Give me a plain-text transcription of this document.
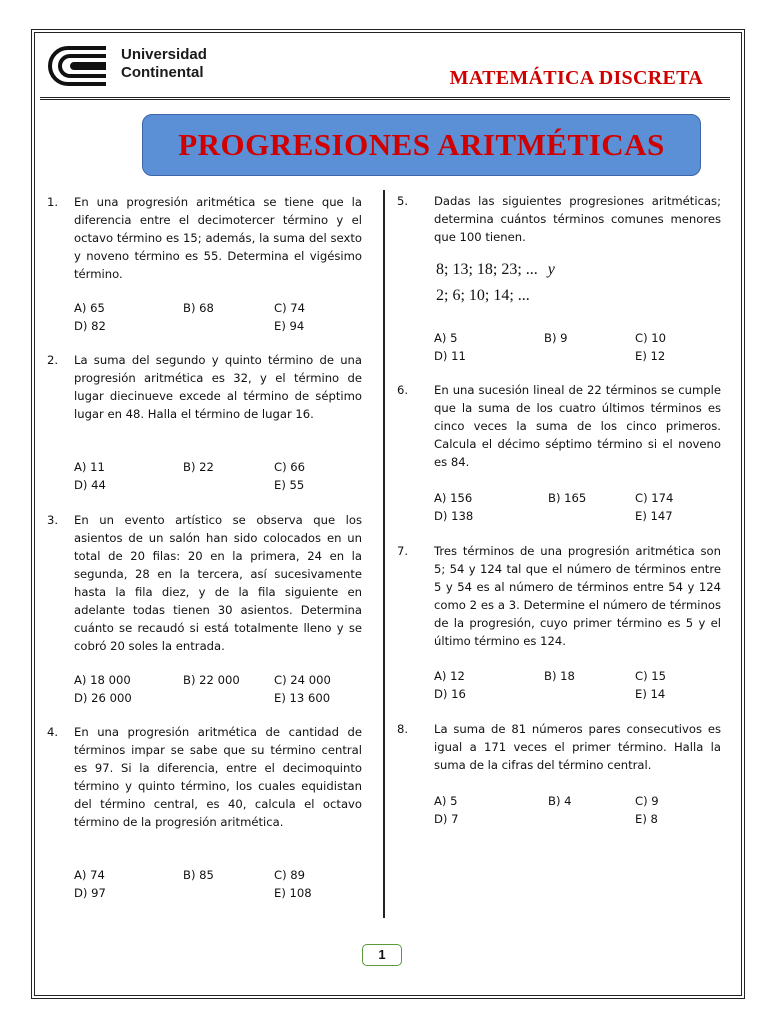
Universidad
Continental	MATEMÁTICA DISCRETA
PROGRESIONES ARITMÉTICAS
1. En una progresión aritmética se tiene que la diferencia entre el decimotercer término y el octavo término es 15; además, la suma del sexto y noveno término es 55. Determina el vigésimo término.
A) 65	B) 68	C) 74
D) 82	E) 94
2. La suma del segundo y quinto término de una progresión aritmética es 32, y el término de lugar diecinueve excede al término de séptimo lugar en 48. Halla el término de lugar 16.
A) 11	B) 22	C) 66
D) 44	E) 55
3. En un evento artístico se observa que los asientos de un salón han sido colocados en un total de 20 filas: 20 en la primera, 24 en la segunda, 28 en la tercera, así sucesivamente hasta la fila diez, y de la fila siguiente en adelante todas tienen 30 asientos. Determina cuánto se recaudó si está totalmente lleno y se cobró 20 soles la entrada.
A) 18 000	B) 22 000	C) 24 000
D) 26 000	E) 13 600
4. En una progresión aritmética de cantidad de términos impar se sabe que su término central es 97. Si la diferencia, entre el decimoquinto término y quinto término, los cuales equidistan del término central, es 40, calcula el octavo término de la progresión aritmética.
A) 74	B) 85	C) 89
D) 97	E) 108
5. Dadas las siguientes progresiones aritméticas; determina cuántos términos comunes menores que 100 tienen.
A) 5	B) 9	C) 10
D) 11	E) 12
8; 13; 18; 23; ... y
2; 6; 10; 14; ...
6. En una sucesión lineal de 22 términos se cumple que la suma de los cuatro últimos términos es cinco veces la suma de los cinco primeros. Calcula el décimo séptimo término si el noveno es 84.
A) 156	B) 165	C) 174
D) 138	E) 147
7. Tres términos de una progresión aritmética son 5; 54 y 124 tal que el número de términos entre 5 y 54 es al número de términos entre 54 y 124 como 2 es a 3. Determine el número de términos de la progresión, cuyo primer término es 5 y el último término es 124.
A) 12	B) 18	C) 15
D) 16	E) 14
8. La suma de 81 números pares consecutivos es igual a 171 veces el primer término. Halla la suma de la cifras del término central.
A) 5	B) 4	C) 9
D) 7	E) 8
1
